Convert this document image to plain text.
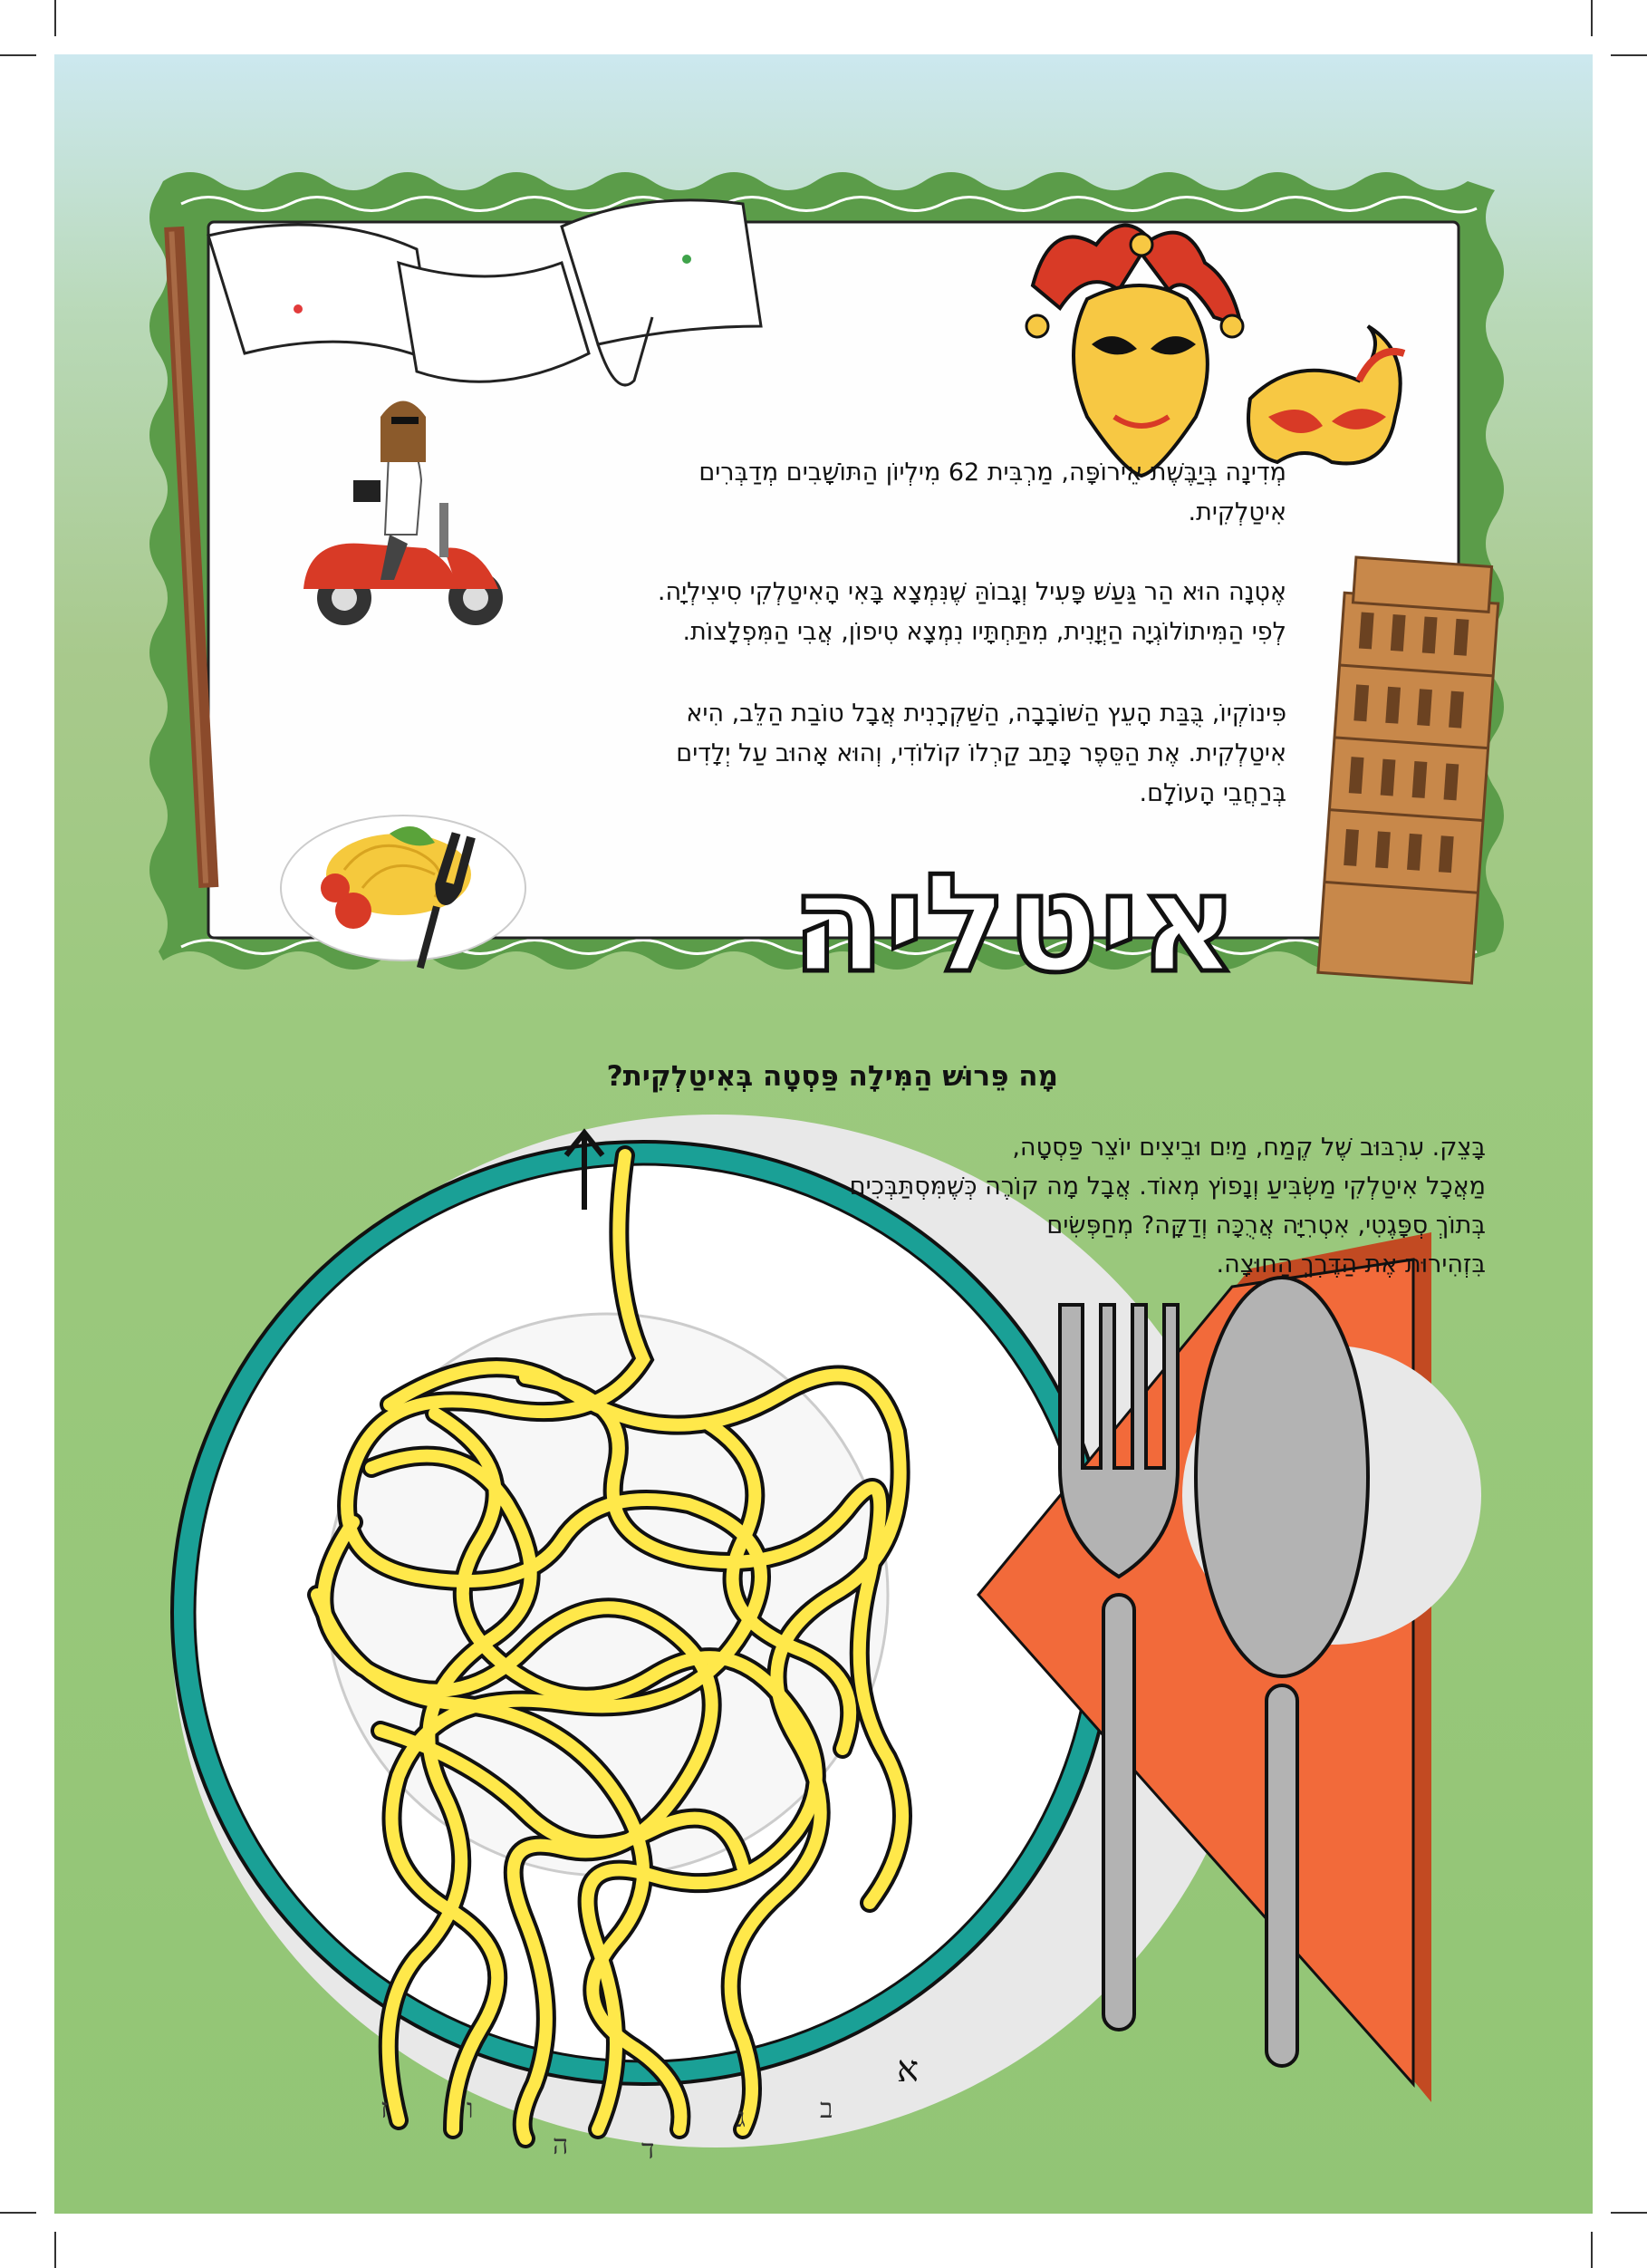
מְדִינָה בְּיַבֶּשֶׁת אֵירוֹפָּה, מַרְבִּית 62 מִילְיוֹן הַתּוֹשָׁבִים מְדַבְּרִים
אִיטַלְקִית.
אֶטְנָה הוּא הַר גַּעַשׁ פָּעִיל וְגָבוֹהַּ שֶׁנִּמְצָא בָּאִי הָאִיטַלְקִי סִיצִילְיָה.
לְפִי הַמִּיתוֹלוֹגְיָה הַיְּוָנִית, מִתַּחְתָּיו נִמְצָא טִיפוֹן, אֲבִי הַמִּפְלָצוֹת.
פִּינוֹקְיוֹ, בֻּבַּת הָעֵץ הַשּׁוֹבָבָה, הַשַּׁקְרָנִית אֲבָל טוֹבַת הַלֵּב, הִיא
אִיטַלְקִית. אֶת הַסֵּפֶר כָּתַב קַרְלוֹ קוֹלוֹדִי, וְהוּא אָהוּב עַל יְלָדִים
בְּרַחֲבֵי הָעוֹלָם.
איטליה
מָה פֵּרוּשׁ הַמִּילָה פַּסְטָה בְּאִיטַלְקִית?
בָּצֵק. עִרְבּוּב שֶׁל קֶמַח, מַיִם וּבֵיצִים יוֹצֵר פַּסְטָה,
מַאֲכָל אִיטַלְקִי מַשְׂבִּיעַ וְנָפוֹץ מְאוֹד. אֲבָל מָה קוֹרֶה כְּשֶׁמִּסְתַּבְּכִים
בְּתוֹךְ סְפָּגֶטִי, אִטְרִיָּה אֲרֻכָּה וְדַקָּה? מְחַפְּשִׂים
בִּזְהִירוּת אֶת הַדֶּרֶךְ הַחוּצָה.
א
ב
ג
ד
ה
ו
ז
